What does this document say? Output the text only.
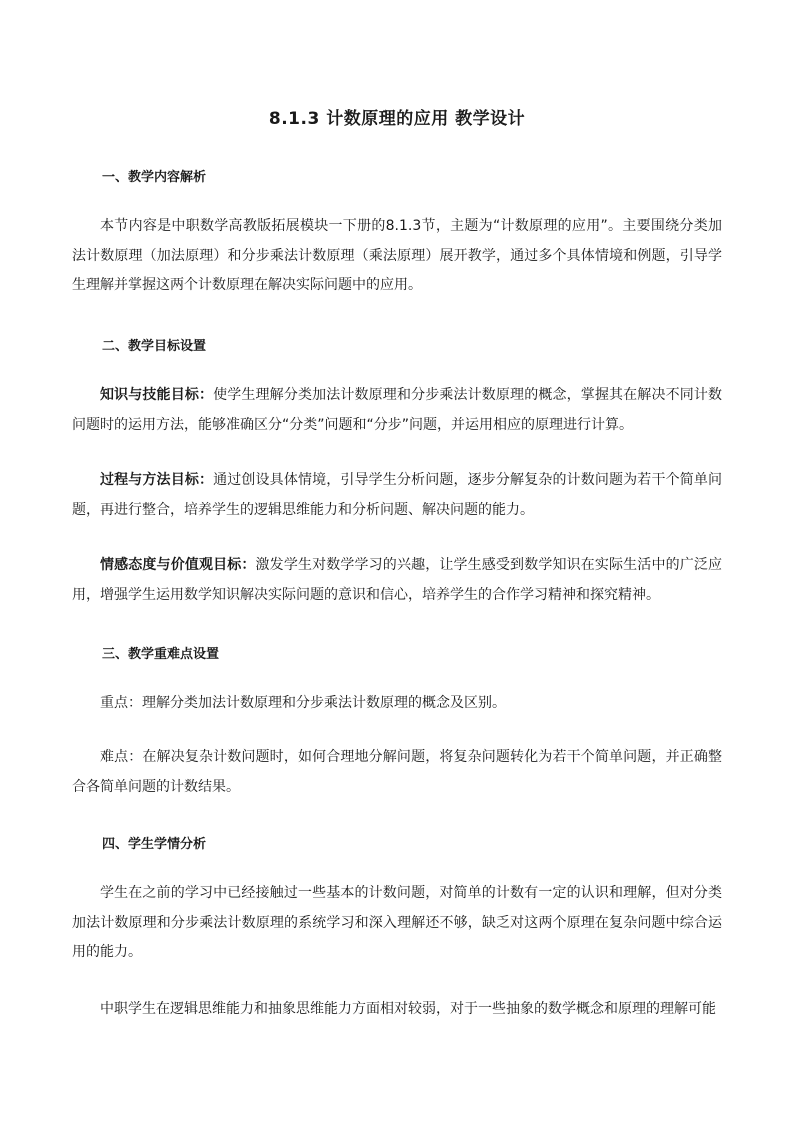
8.1.3 计数原理的应用 教学设计
一、教学内容解析

本节内容是中职数学高教版拓展模块一下册的8.1.3节，主题为“计数原理的应用”。主要围绕分类加法计数原理（加法原理）和分步乘法计数原理（乘法原理）展开教学，通过多个具体情境和例题，引导学生理解并掌握这两个计数原理在解决实际问题中的应用。

二、教学目标设置

知识与技能目标：使学生理解分类加法计数原理和分步乘法计数原理的概念，掌握其在解决不同计数问题时的运用方法，能够准确区分“分类”问题和“分步”问题，并运用相应的原理进行计算。

过程与方法目标：通过创设具体情境，引导学生分析问题，逐步分解复杂的计数问题为若干个简单问题，再进行整合，培养学生的逻辑思维能力和分析问题、解决问题的能力。

情感态度与价值观目标：激发学生对数学学习的兴趣，让学生感受到数学知识在实际生活中的广泛应用，增强学生运用数学知识解决实际问题的意识和信心，培养学生的合作学习精神和探究精神。

三、教学重难点设置

重点：理解分类加法计数原理和分步乘法计数原理的概念及区别。

难点：在解决复杂计数问题时，如何合理地分解问题，将复杂问题转化为若干个简单问题，并正确整合各简单问题的计数结果。

四、学生学情分析

学生在之前的学习中已经接触过一些基本的计数问题，对简单的计数有一定的认识和理解，但对分类加法计数原理和分步乘法计数原理的系统学习和深入理解还不够，缺乏对这两个原理在复杂问题中综合运用的能力。

中职学生在逻辑思维能力和抽象思维能力方面相对较弱，对于一些抽象的数学概念和原理的理解可能
